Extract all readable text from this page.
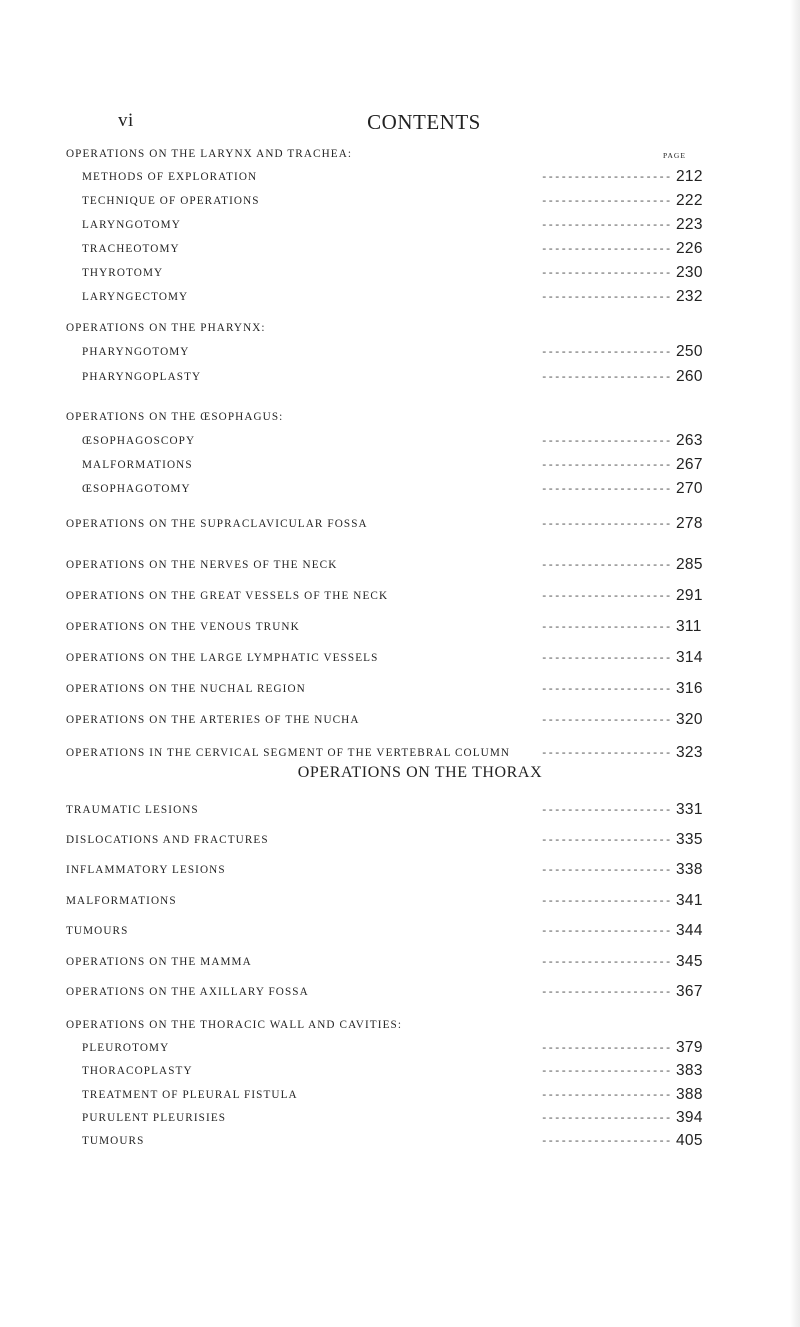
vi	CONTENTS
PAGE
OPERATIONS ON THE LARYNX AND TRACHEA:
METHODS OF EXPLORATION	- - - - - - - - - - - - - - - - - - - - 212
TECHNIQUE OF OPERATIONS	- - - - - - - - - - - - - - - - - - - - 222
LARYNGOTOMY	- - - - - - - - - - - - - - - - - - - - 223
TRACHEOTOMY	- - - - - - - - - - - - - - - - - - - - 226
THYROTOMY	- - - - - - - - - - - - - - - - - - - - 230
LARYNGECTOMY	- - - - - - - - - - - - - - - - - - - - 232
OPERATIONS ON THE PHARYNX:
PHARYNGOTOMY	- - - - - - - - - - - - - - - - - - - - 250
PHARYNGOPLASTY	- - - - - - - - - - - - - - - - - - - - 260
OPERATIONS ON THE ŒSOPHAGUS:
ŒSOPHAGOSCOPY	- - - - - - - - - - - - - - - - - - - - 263
MALFORMATIONS	- - - - - - - - - - - - - - - - - - - - 267
ŒSOPHAGOTOMY	- - - - - - - - - - - - - - - - - - - - 270
OPERATIONS ON THE SUPRACLAVICULAR FOSSA	- - - - - - - - - - - - - - - - - - - - 278
OPERATIONS ON THE NERVES OF THE NECK	- - - - - - - - - - - - - - - - - - - - 285
OPERATIONS ON THE GREAT VESSELS OF THE NECK	- - - - - - - - - - - - - - - - - - - - 291
OPERATIONS ON THE VENOUS TRUNK	- - - - - - - - - - - - - - - - - - - - 311
OPERATIONS ON THE LARGE LYMPHATIC VESSELS	- - - - - - - - - - - - - - - - - - - - 314
OPERATIONS ON THE NUCHAL REGION	- - - - - - - - - - - - - - - - - - - - 316
OPERATIONS ON THE ARTERIES OF THE NUCHA	- - - - - - - - - - - - - - - - - - - - 320
OPERATIONS IN THE CERVICAL SEGMENT OF THE VERTEBRAL COLUMN	- - - - - - - - - - - - - - - - - - - - 323
TRAUMATIC LESIONS	- - - - - - - - - - - - - - - - - - - - 331
DISLOCATIONS AND FRACTURES	- - - - - - - - - - - - - - - - - - - - 335
INFLAMMATORY LESIONS	- - - - - - - - - - - - - - - - - - - - 338
MALFORMATIONS	- - - - - - - - - - - - - - - - - - - - 341
TUMOURS	- - - - - - - - - - - - - - - - - - - - 344
OPERATIONS ON THE MAMMA	- - - - - - - - - - - - - - - - - - - - 345
OPERATIONS ON THE AXILLARY FOSSA	- - - - - - - - - - - - - - - - - - - - 367
OPERATIONS ON THE THORACIC WALL AND CAVITIES:
PLEUROTOMY	- - - - - - - - - - - - - - - - - - - - 379
THORACOPLASTY	- - - - - - - - - - - - - - - - - - - - 383
TREATMENT OF PLEURAL FISTULA	- - - - - - - - - - - - - - - - - - - - 388
PURULENT PLEURISIES	- - - - - - - - - - - - - - - - - - - - 394
TUMOURS	- - - - - - - - - - - - - - - - - - - - 405
OPERATIONS ON THE THORAX
